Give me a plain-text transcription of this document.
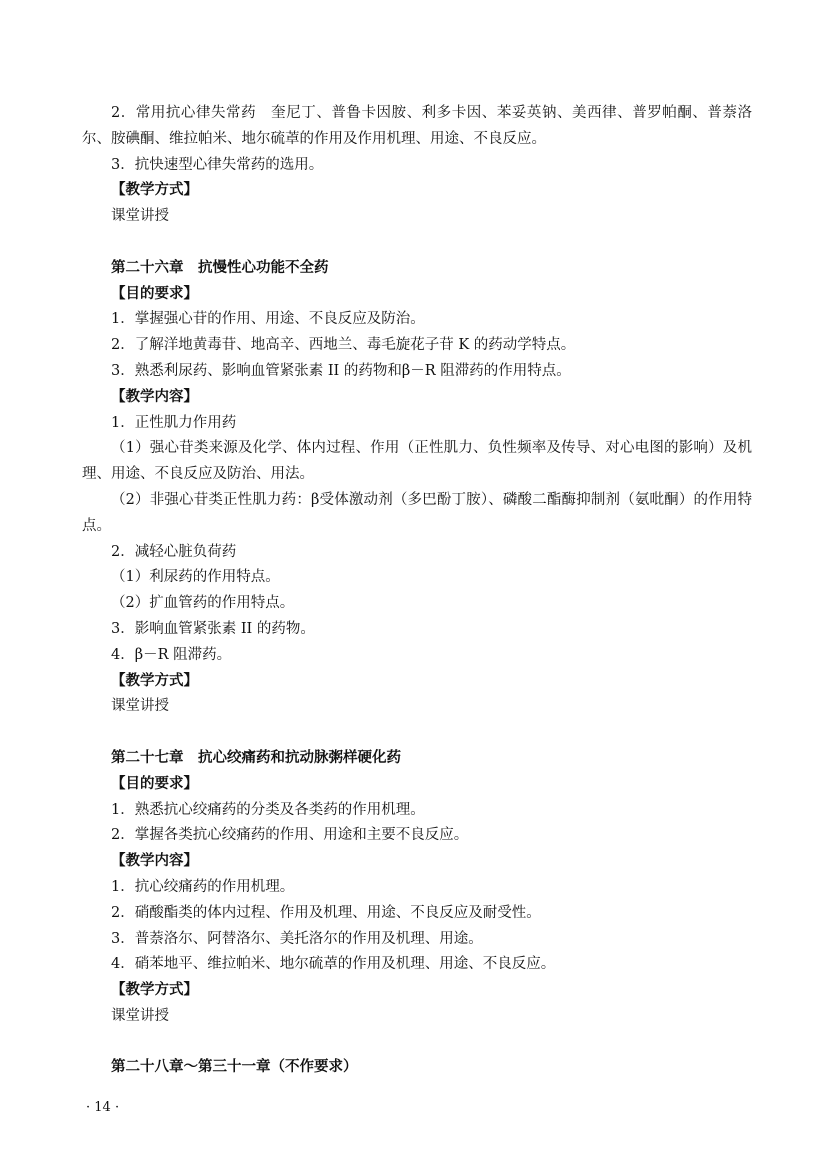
2．常用抗心律失常药　奎尼丁、普鲁卡因胺、利多卡因、苯妥英钠、美西律、普罗帕酮、普萘洛尔、胺碘酮、维拉帕米、地尔硫䓬的作用及作用机理、用途、不良反应。

3．抗快速型心律失常药的选用。

【教学方式】

课堂讲授

第二十六章　抗慢性心功能不全药

【目的要求】

1．掌握强心苷的作用、用途、不良反应及防治。

2．了解洋地黄毒苷、地高辛、西地兰、毒毛旋花子苷 K 的药动学特点。

3．熟悉利尿药、影响血管紧张素 II 的药物和β－R 阻滞药的作用特点。

【教学内容】

1．正性肌力作用药

（1）强心苷类来源及化学、体内过程、作用（正性肌力、负性频率及传导、对心电图的影响）及机理、用途、不良反应及防治、用法。

（2）非强心苷类正性肌力药：β受体激动剂（多巴酚丁胺）、磷酸二酯酶抑制剂（氨吡酮）的作用特点。

2．减轻心脏负荷药

（1）利尿药的作用特点。

（2）扩血管药的作用特点。

3．影响血管紧张素 II 的药物。

4．β－R 阻滞药。

【教学方式】

课堂讲授

第二十七章　抗心绞痛药和抗动脉粥样硬化药

【目的要求】

1．熟悉抗心绞痛药的分类及各类药的作用机理。

2．掌握各类抗心绞痛药的作用、用途和主要不良反应。

【教学内容】

1．抗心绞痛药的作用机理。

2．硝酸酯类的体内过程、作用及机理、用途、不良反应及耐受性。

3．普萘洛尔、阿替洛尔、美托洛尔的作用及机理、用途。

4．硝苯地平、维拉帕米、地尔硫䓬的作用及机理、用途、不良反应。

【教学方式】

课堂讲授

第二十八章～第三十一章（不作要求）

· 14 ·
